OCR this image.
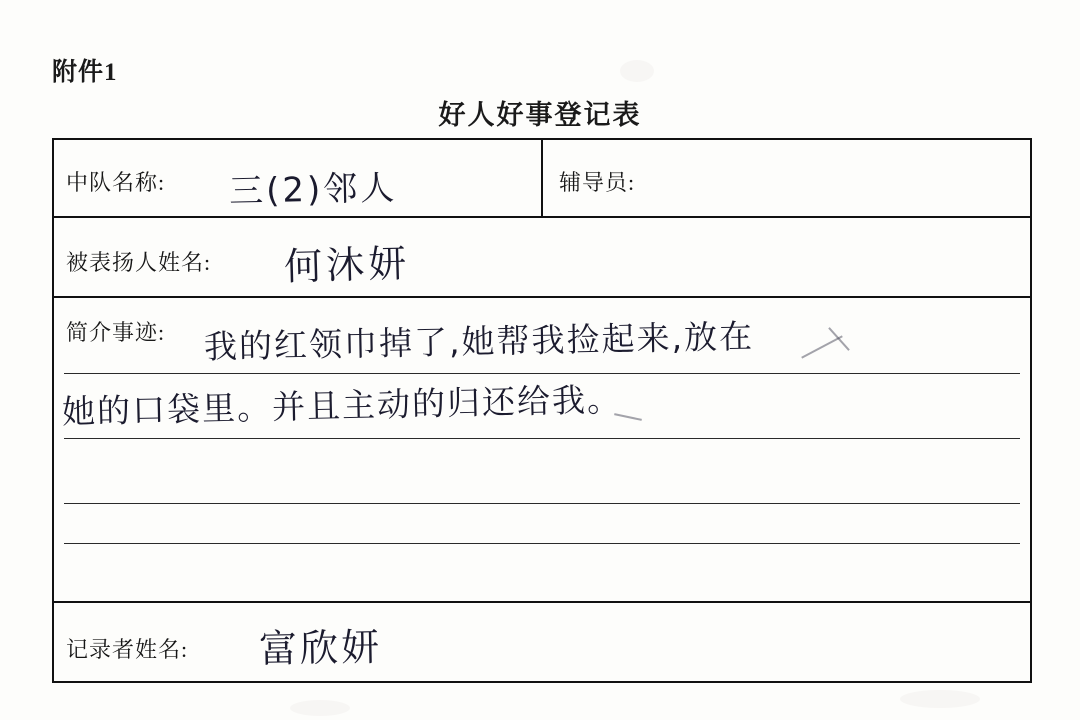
附件1
好人好事登记表
中队名称: 三(2)邻人	辅导员:
被表扬人姓名: 何沐妍
简介事迹: 我的红领巾掉了,她帮我捡起来,放在
她的口袋里。并且主动的归还给我。
记录者姓名: 富欣妍
